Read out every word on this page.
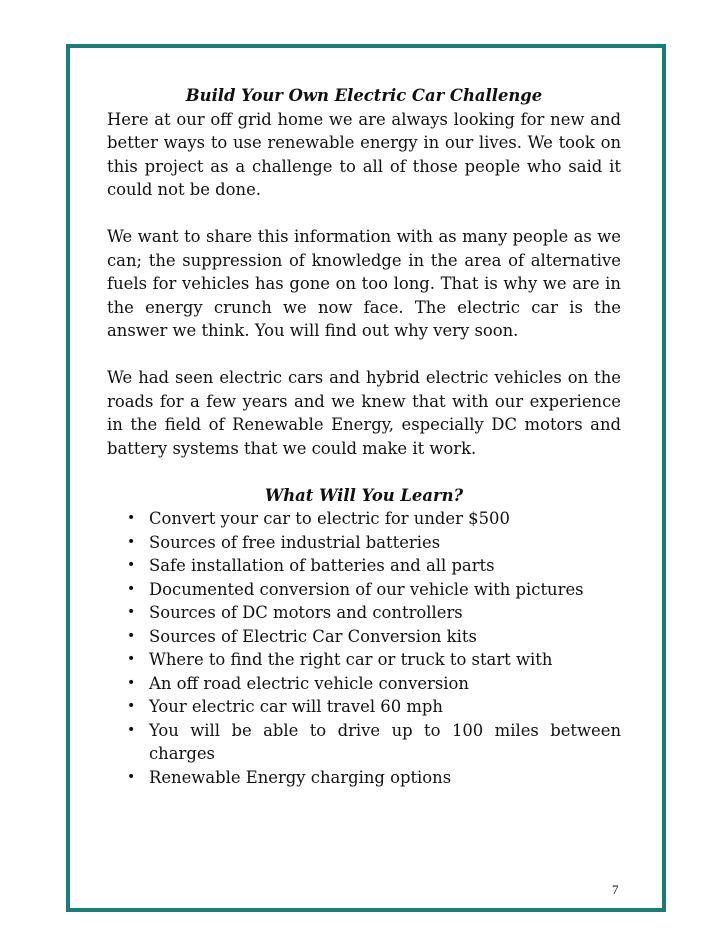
Build Your Own Electric Car Challenge

Here at our off grid home we are always looking for new and better ways to use renewable energy in our lives. We took on this project as a challenge to all of those people who said it could not be done.

We want to share this information with as many people as we can; the suppression of knowledge in the area of alternative fuels for vehicles has gone on too long. That is why we are in the energy crunch we now face. The electric car is the answer we think. You will find out why very soon.

We had seen electric cars and hybrid electric vehicles on the roads for a few years and we knew that with our experience in the field of Renewable Energy, especially DC motors and battery systems that we could make it work.

What Will You Learn?

• Convert your car to electric for under $500
• Sources of free industrial batteries
• Safe installation of batteries and all parts
• Documented conversion of our vehicle with pictures
• Sources of DC motors and controllers
• Sources of Electric Car Conversion kits
• Where to find the right car or truck to start with
• An off road electric vehicle conversion
• Your electric car will travel 60 mph
• You will be able to drive up to 100 miles between charges
• Renewable Energy charging options
7
